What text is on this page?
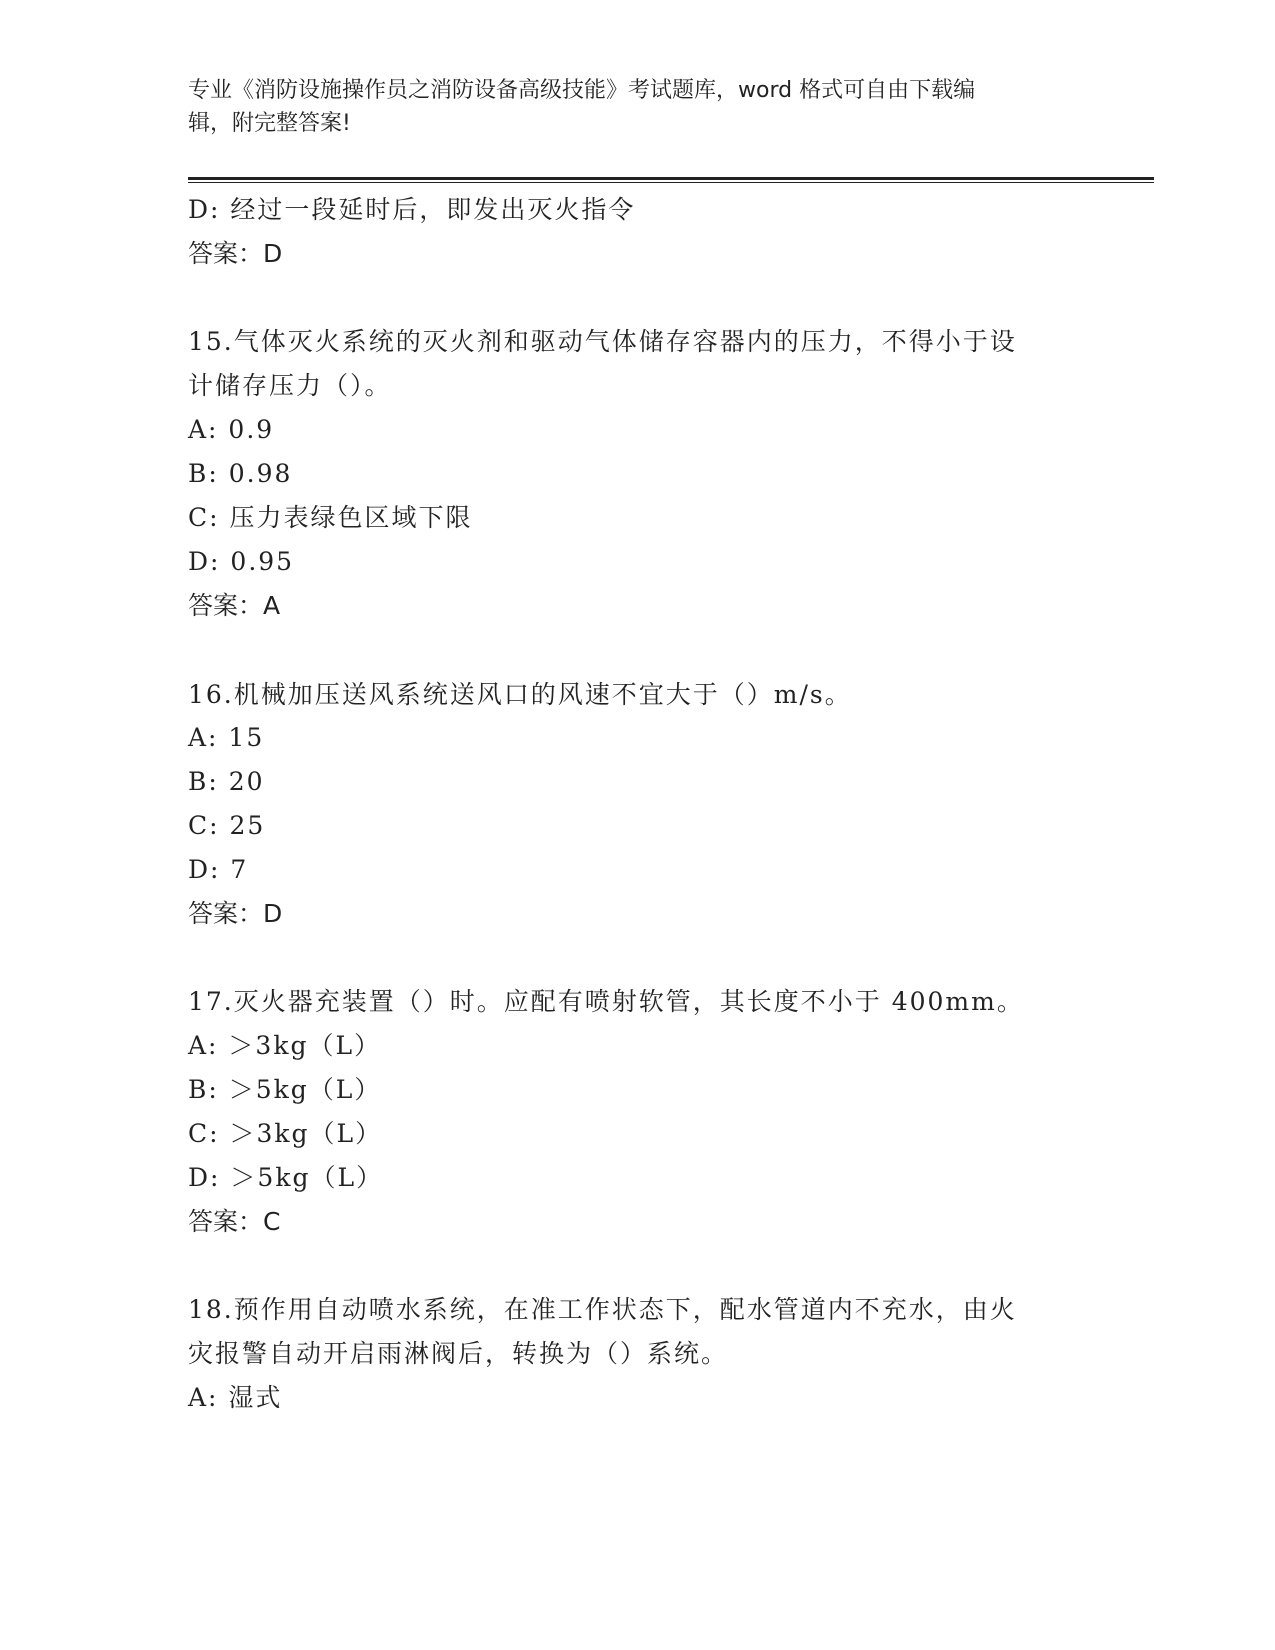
专业《消防设施操作员之消防设备高级技能》考试题库，word 格式可自由下载编
辑，附完整答案!
D: 经过一段延时后，即发出灭火指令
答案：D
15.气体灭火系统的灭火剂和驱动气体储存容器内的压力，不得小于设
计储存压力（）。
A: 0.9
B: 0.98
C: 压力表绿色区域下限
D: 0.95
答案：A
16.机械加压送风系统送风口的风速不宜大于（）m/s。
A: 15
B: 20
C: 25
D: 7
答案：D
17.灭火器充装置（）时。应配有喷射软管，其长度不小于 400mm。
A: ＞3kg（L）
B: ＞5kg（L）
C: ＞3kg（L）
D: ＞5kg（L）
答案：C
18.预作用自动喷水系统，在准工作状态下，配水管道内不充水，由火
灾报警自动开启雨淋阀后，转换为（）系统。
A: 湿式
